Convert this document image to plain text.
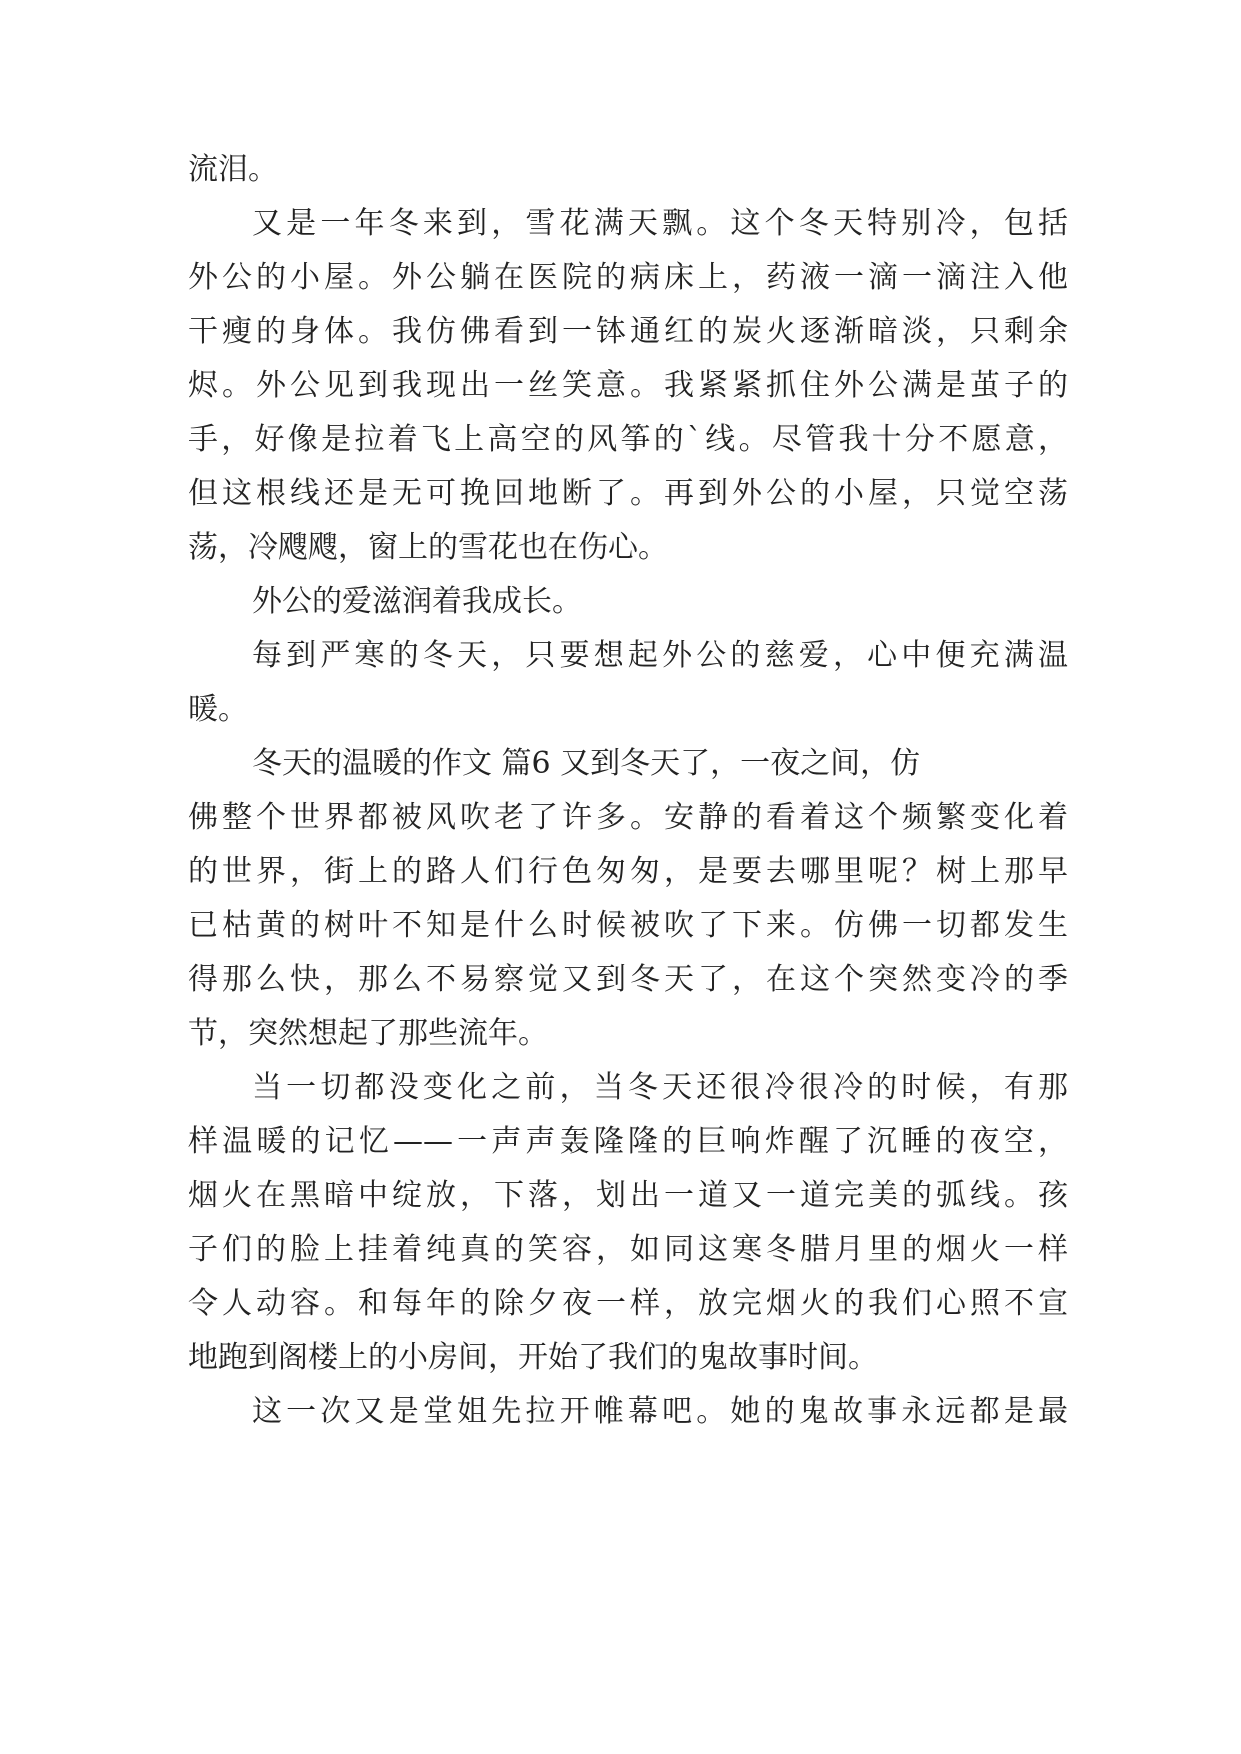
流泪。
又是一年冬来到，雪花满天飘。这个冬天特别冷，包括
外公的小屋。外公躺在医院的病床上，药液一滴一滴注入他
干瘦的身体。我仿佛看到一钵通红的炭火逐渐暗淡，只剩余
烬。外公见到我现出一丝笑意。我紧紧抓住外公满是茧子的
手，好像是拉着飞上高空的风筝的`线。尽管我十分不愿意，
但这根线还是无可挽回地断了。再到外公的小屋，只觉空荡
荡，冷飕飕，窗上的雪花也在伤心。
外公的爱滋润着我成长。
每到严寒的冬天，只要想起外公的慈爱，心中便充满温
暖。
冬天的温暖的作文 篇6 又到冬天了，一夜之间，仿
佛整个世界都被风吹老了许多。安静的看着这个频繁变化着
的世界，街上的路人们行色匆匆，是要去哪里呢？树上那早
已枯黄的树叶不知是什么时候被吹了下来。仿佛一切都发生
得那么快，那么不易察觉又到冬天了，在这个突然变冷的季
节，突然想起了那些流年。
当一切都没变化之前，当冬天还很冷很冷的时候，有那
样温暖的记忆——一声声轰隆隆的巨响炸醒了沉睡的夜空，
烟火在黑暗中绽放，下落，划出一道又一道完美的弧线。孩
子们的脸上挂着纯真的笑容，如同这寒冬腊月里的烟火一样
令人动容。和每年的除夕夜一样，放完烟火的我们心照不宣
地跑到阁楼上的小房间，开始了我们的鬼故事时间。
这一次又是堂姐先拉开帷幕吧。她的鬼故事永远都是最
